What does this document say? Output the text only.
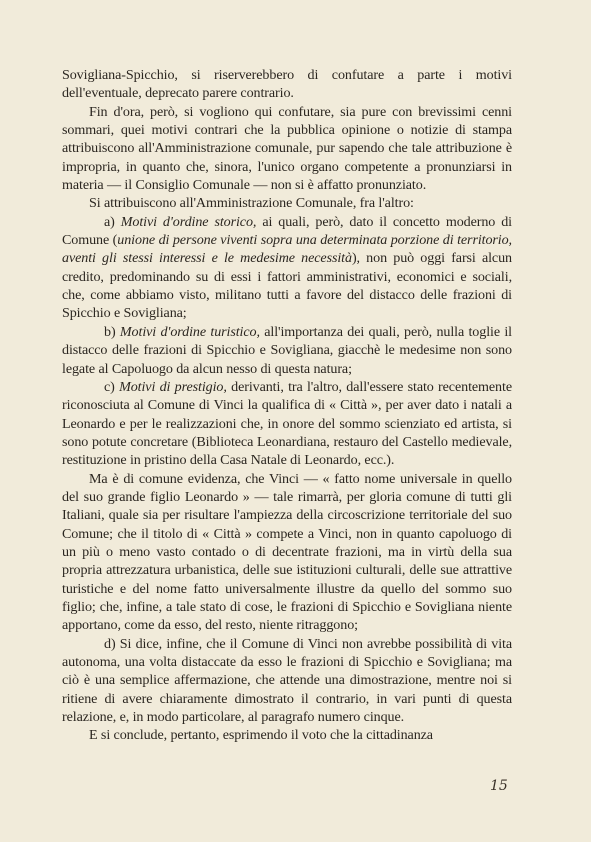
Soviglianа-Spicchio, si riserverebbero di confutare a parte i motivi dell'eventuale, deprecato parere contrario.

Fin d'ora, però, si vogliono qui confutare, sia pure con brevissimi cenni sommari, quei motivi contrari che la pubblica opinione o notizie di stampa attribuiscono all'Amministrazione comunale, pur sapendo che tale attribuzione è impropria, in quanto che, sinora, l'unico organo competente a pronunziarsi in materia — il Consiglio Comunale — non si è affatto pronunziato.

Si attribuiscono all'Amministrazione Comunale, fra l'altro:

a) Motivi d'ordine storico, ai quali, però, dato il concetto moderno di Comune (unione di persone viventi sopra una determinata porzione di territorio, aventi gli stessi interessi e le medesime necessità), non può oggi farsi alcun credito, predominando su di essi i fattori amministrativi, economici e sociali, che, come abbiamo visto, militano tutti a favore del distacco delle frazioni di Spicchio e Sovigliana;

b) Motivi d'ordine turistico, all'importanza dei quali, però, nulla toglie il distacco delle frazioni di Spicchio e Sovigliana, giacchè le medesime non sono legate al Capoluogo da alcun nesso di questa natura;

c) Motivi di prestigio, derivanti, tra l'altro, dall'essere stato recentemente riconosciuta al Comune di Vinci la qualifica di « Città », per aver dato i natali a Leonardo e per le realizzazioni che, in onore del sommo scienziato ed artista, si sono potute concretare (Biblioteca Leonardiana, restauro del Castello medievale, restituzione in pristino della Casa Natale di Leonardo, ecc.).

Ma è di comune evidenza, che Vinci — « fatto nome universale in quello del suo grande figlio Leonardo » — tale rimarrà, per gloria comune di tutti gli Italiani, quale sia per risultare l'ampiezza della circoscrizione territoriale del suo Comune; che il titolo di « Città » compete a Vinci, non in quanto capoluogo di un più o meno vasto contado o di decentrate frazioni, ma in virtù della sua propria attrezzatura urbanistica, delle sue istituzioni culturali, delle sue attrattive turistiche e del nome fatto universalmente illustre da quello del sommo suo figlio; che, infine, a tale stato di cose, le frazioni di Spicchio e Sovigliana niente apportano, come da esso, del resto, niente ritraggono;

d) Si dice, infine, che il Comune di Vinci non avrebbe possibilità di vita autonoma, una volta distaccate da esso le frazioni di Spicchio e Sovigliana; ma ciò è una semplice affermazione, che attende una dimostrazione, mentre noi si ritiene di avere chiaramente dimostrato il contrario, in vari punti di questa relazione, e, in modo particolare, al paragrafo numero cinque.

E si conclude, pertanto, esprimendo il voto che la cittadinanza

15
